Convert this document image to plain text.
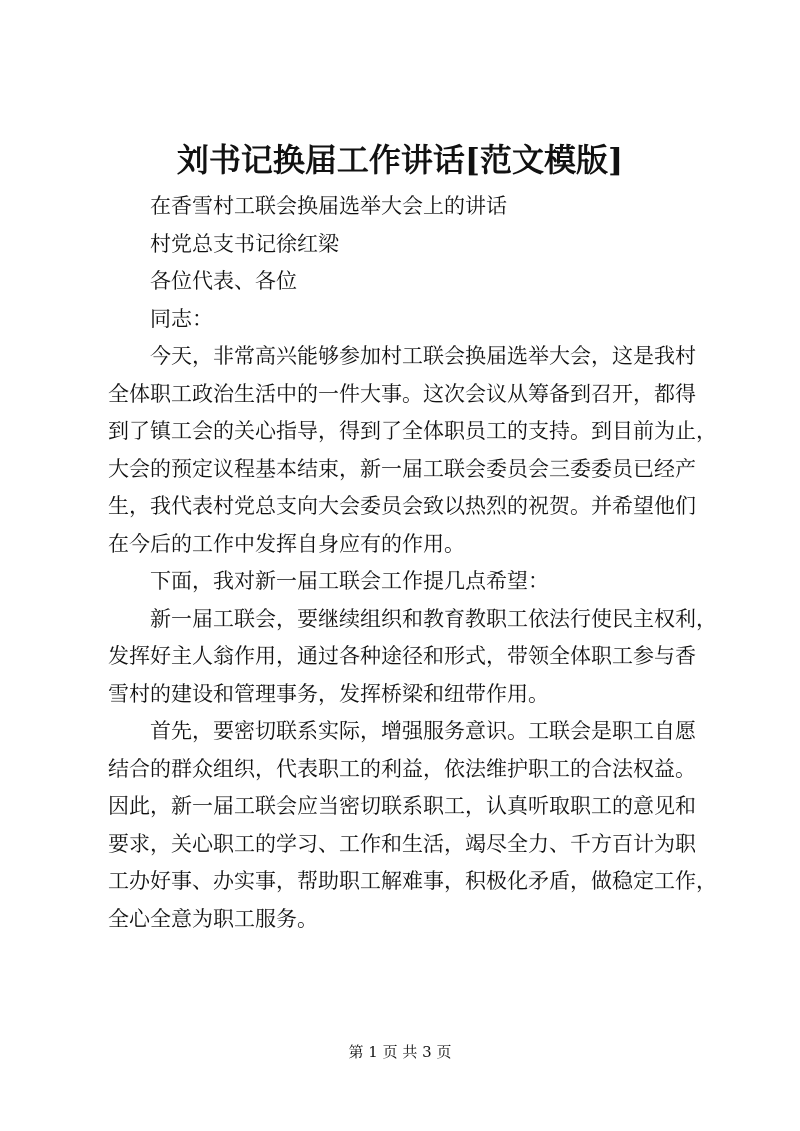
刘书记换届工作讲话[范文模版]
在香雪村工联会换届选举大会上的讲话
村党总支书记徐红梁
各位代表、各位
同志：
今天，非常高兴能够参加村工联会换届选举大会，这是我村
全体职工政治生活中的一件大事。这次会议从筹备到召开，都得
到了镇工会的关心指导，得到了全体职员工的支持。到目前为止，
大会的预定议程基本结束，新一届工联会委员会三委委员已经产
生，我代表村党总支向大会委员会致以热烈的祝贺。并希望他们
在今后的工作中发挥自身应有的作用。
下面，我对新一届工联会工作提几点希望：
新一届工联会，要继续组织和教育教职工依法行使民主权利，
发挥好主人翁作用，通过各种途径和形式，带领全体职工参与香
雪村的建设和管理事务，发挥桥梁和纽带作用。
首先，要密切联系实际，增强服务意识。工联会是职工自愿
结合的群众组织，代表职工的利益，依法维护职工的合法权益。
因此，新一届工联会应当密切联系职工，认真听取职工的意见和
要求，关心职工的学习、工作和生活，竭尽全力、千方百计为职
工办好事、办实事，帮助职工解难事，积极化矛盾，做稳定工作，
全心全意为职工服务。
第 1 页 共 3 页
